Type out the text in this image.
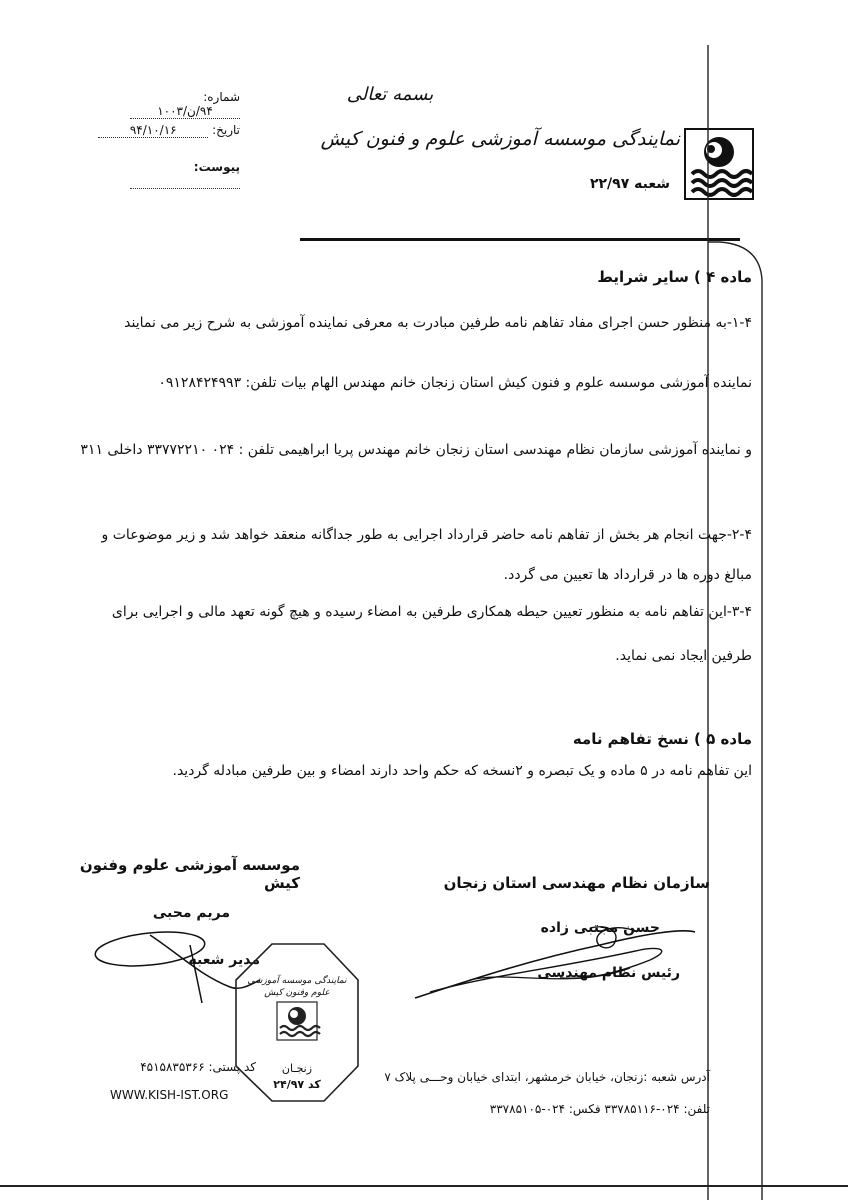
بسمه تعالی
نمایندگی موسسه آموزشی علوم و فنون کیش
شعبه ۲۲/۹۷
شماره: ۹۴/ن/۱۰۰۳
تاریخ: ۹۴/۱۰/۱۶
پیوست:
ماده ۴ ) سایر شرایط
۱-۴-به منظور حسن اجرای مفاد تفاهم نامه طرفین مبادرت به معرفی نماینده آموزشی به شرح زیر می نمایند
نماینده آموزشی موسسه علوم و فنون کیش استان زنجان خانم مهندس الهام بیات تلفن: ۰۹۱۲۸۴۲۴۹۹۳
و نماینده آموزشی سازمان نظام مهندسی استان زنجان خانم مهندس پریا ابراهیمی تلفن : ۰۲۴ ۳۳۷۷۲۲۱۰ داخلی ۳۱۱
۲-۴-جهت انجام هر بخش از تفاهم نامه حاضر قرارداد اجرایی به طور جداگانه منعقد خواهد شد و زیر موضوعات و مبالغ دوره ها در قرارداد ها تعیین می گردد.
۳-۴-این تفاهم نامه به منظور تعیین حیطه همکاری طرفین به امضاء رسیده و هیچ گونه تعهد مالی و اجرایی برای طرفین ایجاد نمی نماید.
ماده ۵ ) نسخ تفاهم نامه
این تفاهم نامه در ۵ ماده و یک تبصره و ۲نسخه که حکم واحد دارند امضاء و بین طرفین مبادله گردید.
سازمان نظام مهندسی استان زنجان
حسن مجتبی زاده
رئیس نظام مهندسی
موسسه آموزشی علوم وفنون کیش
مریم محبی
مدیر شعبه
نمایندگی موسسه آموزشی علوم وفنون کیش
زنجـان
کد ۲۴/۹۷
آدرس شعبه :زنجان، خیابان خرمشهر، ابتدای خیابان وحـــی پلاک ۷
تلفن: ۰۲۴-۳۳۷۸۵۱۱۶ فکس: ۰۲۴-۳۳۷۸۵۱۰۵
کد پستی: ۴۵۱۵۸۳۵۳۶۶
WWW.KISH-IST.ORG
